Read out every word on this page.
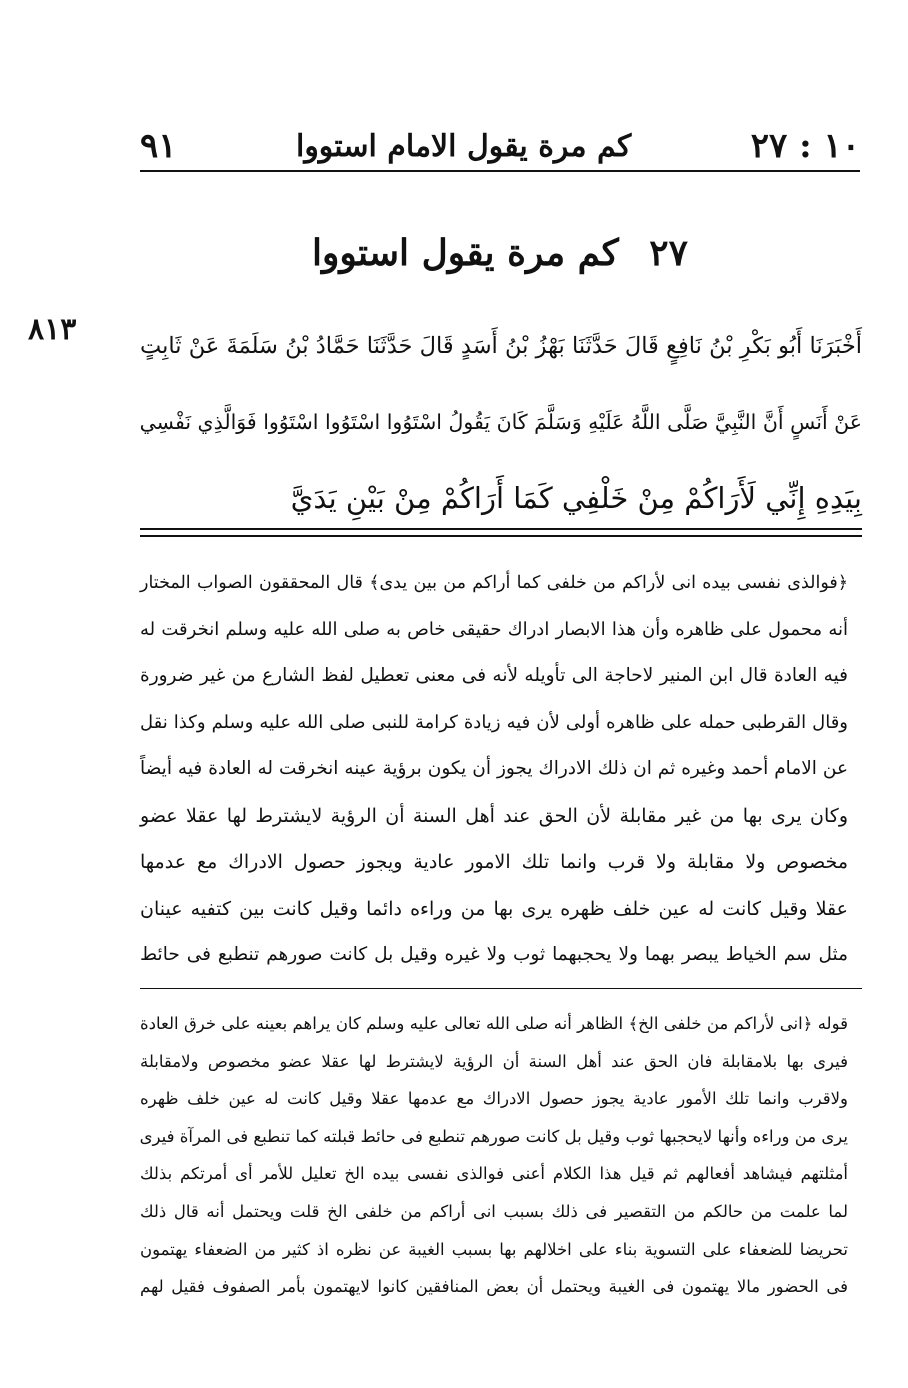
٩١	كم مرة يقول الامام استووا	١٠ : ٢٧
٢٧ كم مرة يقول استووا
٨١٣	أَخْبَرَنَا أَبُو بَكْرِ بْنُ نَافِعٍ قَالَ حَدَّثَنَا بَهْزُ بْنُ أَسَدٍ قَالَ حَدَّثَنَا حَمَّادُ بْنُ سَلَمَةَ عَنْ ثَابِتٍ
عَنْ أَنَسٍ أَنَّ النَّبِيَّ صَلَّى اللَّهُ عَلَيْهِ وَسَلَّمَ كَانَ يَقُولُ اسْتَوُوا اسْتَوُوا اسْتَوُوا فَوَالَّذِي نَفْسِي
بِيَدِهِ إِنِّي لَأَرَاكُمْ مِنْ خَلْفِي كَمَا أَرَاكُمْ مِنْ بَيْنِ يَدَيَّ
﴿فوالذى نفسى بيده انى لأراكم من خلفى كما أراكم من بين يدى﴾ قال المحققون الصواب المختار
أنه محمول على ظاهره وأن هذا الابصار ادراك حقيقى خاص به صلى الله عليه وسلم انخرقت له
فيه العادة قال ابن المنير لاحاجة الى تأويله لأنه فى معنى تعطيل لفظ الشارع من غير ضرورة
وقال القرطبى حمله على ظاهره أولى لأن فيه زيادة كرامة للنبى صلى الله عليه وسلم وكذا نقل
عن الامام أحمد وغيره ثم ان ذلك الادراك يجوز أن يكون برؤية عينه انخرقت له العادة فيه أيضاً
وكان يرى بها من غير مقابلة لأن الحق عند أهل السنة أن الرؤية لايشترط لها عقلا عضو
مخصوص ولا مقابلة ولا قرب وانما تلك الامور عادية ويجوز حصول الادراك مع عدمها
عقلا وقيل كانت له عين خلف ظهره يرى بها من وراءه دائما وقيل كانت بين كتفيه عينان
مثل سم الخياط يبصر بهما ولا يحجبهما ثوب ولا غيره وقيل بل كانت صورهم تنطبع فى حائط
قوله ﴿انى لأراكم من خلفى الخ﴾ الظاهر أنه صلى الله تعالى عليه وسلم كان يراهم بعينه على خرق العادة
فيرى بها بلامقابلة فان الحق عند أهل السنة أن الرؤية لايشترط لها عقلا عضو مخصوص ولامقابلة
ولاقرب وانما تلك الأمور عادية يجوز حصول الادراك مع عدمها عقلا وقيل كانت له عين خلف ظهره
يرى من وراءه وأنها لايحجبها ثوب وقيل بل كانت صورهم تنطبع فى حائط قبلته كما تنطبع فى المرآة فيرى
أمثلتهم فيشاهد أفعالهم ثم قيل هذا الكلام أعنى فوالذى نفسى بيده الخ تعليل للأمر أى أمرتكم بذلك
لما علمت من حالكم من التقصير فى ذلك بسبب انى أراكم من خلفى الخ قلت ويحتمل أنه قال ذلك
تحريضا للضعفاء على التسوية بناء على اخلالهم بها بسبب الغيبة عن نظره اذ كثير من الضعفاء يهتمون
فى الحضور مالا يهتمون فى الغيبة ويحتمل أن بعض المنافقين كانوا لايهتمون بأمر الصفوف فقيل لهم
